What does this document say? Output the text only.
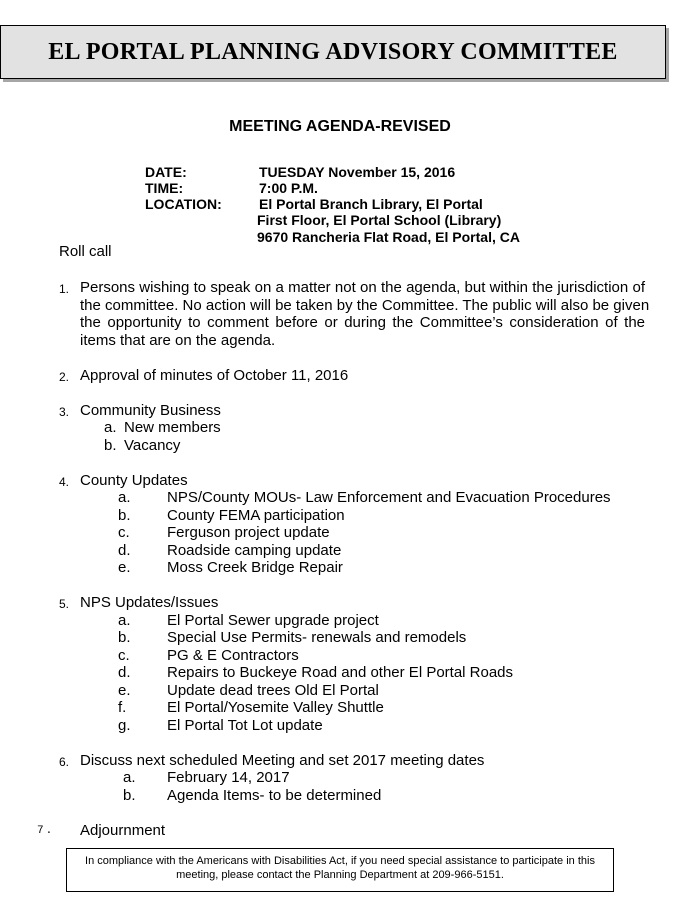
EL PORTAL PLANNING ADVISORY COMMITTEE
MEETING AGENDA-REVISED
DATE:	TUESDAY November 15, 2016
TIME:	7:00 P.M.
LOCATION:	El Portal Branch Library, El Portal
First Floor, El Portal School (Library)
9670 Rancheria Flat Road, El Portal, CA
Roll call
1. Persons wishing to speak on a matter not on the agenda, but within the jurisdiction of
the committee. No action will be taken by the Committee. The public will also be given
the opportunity to comment before or during the Committee’s consideration of the
items that are on the agenda.
2. Approval of minutes of October 11, 2016
3. Community Business
a. New members
b. Vacancy
4. County Updates
a. NPS/County MOUs- Law Enforcement and Evacuation Procedures
b. County FEMA participation
c. Ferguson project update
d. Roadside camping update
e. Moss Creek Bridge Repair
5. NPS Updates/Issues
a. El Portal Sewer upgrade project
b. Special Use Permits- renewals and remodels
c. PG & E Contractors
d. Repairs to Buckeye Road and other El Portal Roads
e. Update dead trees Old El Portal
f.	El Portal/Yosemite Valley Shuttle
g. El Portal Tot Lot update
6. Discuss next scheduled Meeting and set 2017 meeting dates
a. February 14, 2017
b. Agenda Items- to be determined
7. Adjournment
In compliance with the Americans with Disabilities Act, if you need special assistance to participate in this
meeting, please contact the Planning Department at 209-966-5151.
